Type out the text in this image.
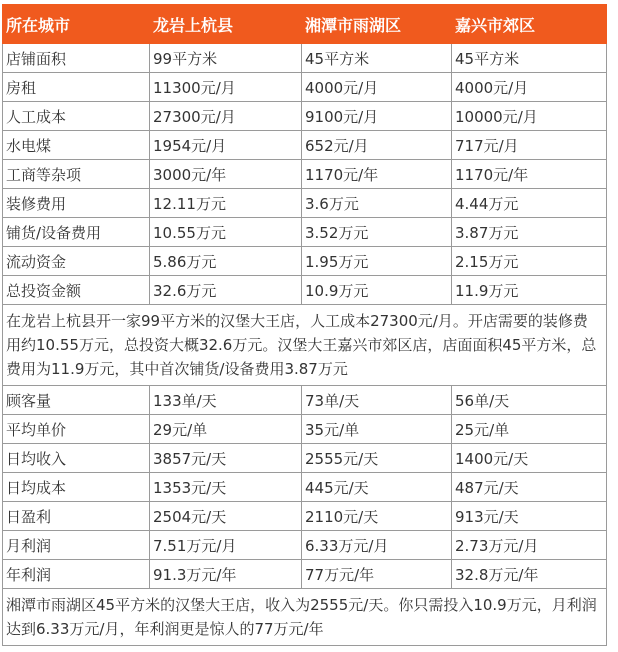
所在城市	龙岩上杭县	湘潭市雨湖区	嘉兴市郊区
店铺面积	99平方米	45平方米	45平方米
房租	11300元/月	4000元/月	4000元/月
人工成本	27300元/月	9100元/月	10000元/月
水电煤	1954元/月	652元/月	717元/月
工商等杂项	3000元/年	1170元/年	1170元/年
装修费用	12.11万元	3.6万元	4.44万元
铺货/设备费用	10.55万元	3.52万元	3.87万元
流动资金	5.86万元	1.95万元	2.15万元
总投资金额	32.6万元	10.9万元	11.9万元
在龙岩上杭县开一家99平方米的汉堡大王店，人工成本27300元/月。开店需要的装修费用约10.55万元，总投资大概32.6万元。汉堡大王嘉兴市郊区店，店面面积45平方米，总费用为11.9万元，其中首次铺货/设备费用3.87万元			
顾客量	133单/天	73单/天	56单/天
平均单价	29元/单	35元/单	25元/单
日均收入	3857元/天	2555元/天	1400元/天
日均成本	1353元/天	445元/天	487元/天
日盈利	2504元/天	2110元/天	913元/天
月利润	7.51万元/月	6.33万元/月	2.73万元/月
年利润	91.3万元/年	77万元/年	32.8万元/年
湘潭市雨湖区45平方米的汉堡大王店，收入为2555元/天。你只需投入10.9万元，月利润达到6.33万元/月，年利润更是惊人的77万元/年			
